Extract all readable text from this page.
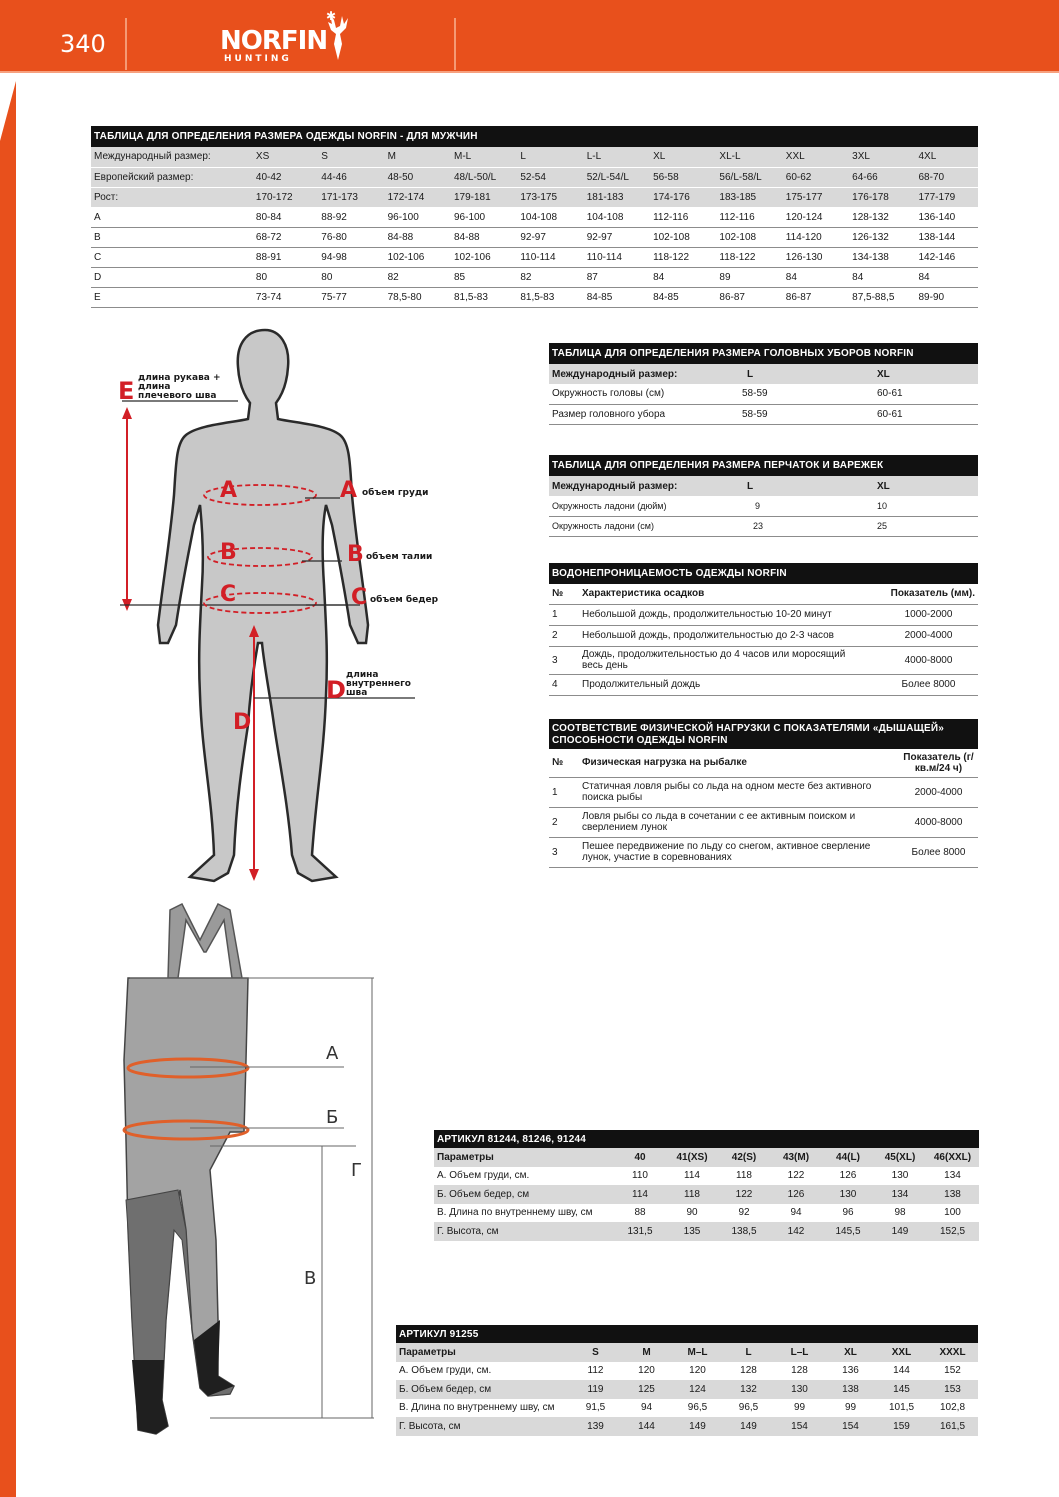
340	NORFIN
HUNTING
✱
ТАБЛИЦА ДЛЯ ОПРЕДЕЛЕНИЯ РАЗМЕРА ОДЕЖДЫ NORFIN - ДЛЯ МУЖЧИН											
Международный размер:	XS	S	M	M-L	L	L-L	XL	XL-L	XXL	3XL	4XL
Европейский размер:	40-42	44-46	48-50	48/L-50/L	52-54	52/L-54/L	56-58	56/L-58/L	60-62	64-66	68-70
Рост:	170-172	171-173	172-174	179-181	173-175	181-183	174-176	183-185	175-177	176-178	177-179
A	80-84	88-92	96-100	96-100	104-108	104-108	112-116	112-116	120-124	128-132	136-140
B	68-72	76-80	84-88	84-88	92-97	92-97	102-108	102-108	114-120	126-132	138-144
C	88-91	94-98	102-106	102-106	110-114	110-114	118-122	118-122	126-130	134-138	142-146
D	80	80	82	85	82	87	84	89	84	84	84
E	73-74	75-77	78,5-80	81,5-83	81,5-83	84-85	84-85	86-87	86-87	87,5-88,5	89-90
E длина рукава +
длина
плечевого шва
A	A объем груди
B	B объем талии
C	C объем бедер
D
длина
внутреннего
шва
D
ТАБЛИЦА ДЛЯ ОПРЕДЕЛЕНИЯ РАЗМЕРА ГОЛОВНЫХ УБОРОВ NORFIN		
Международный размер:	L	XL
Окружность головы (см)	58-59	60-61
Размер головного убора	58-59	60-61
ТАБЛИЦА ДЛЯ ОПРЕДЕЛЕНИЯ РАЗМЕРА ПЕРЧАТОК И ВАРЕЖЕК		
Международный размер:	L	XL
Окружность ладони (дюйм)	9	10
Окружность ладони (см)	23	25
ВОДОНЕПРОНИЦАЕМОСТЬ ОДЕЖДЫ NORFIN		
№	Характеристика осадков	Показатель (мм).
1	Небольшой дождь, продолжительностью 10-20 минут	1000-2000
2	Небольшой дождь, продолжительностью до 2-3 часов	2000-4000
3	Дождь, продолжительностью до 4 часов или моросящий весь день	4000-8000
4	Продолжительный дождь	Более 8000
СООТВЕТСТВИЕ ФИЗИЧЕСКОЙ НАГРУЗКИ С ПОКАЗАТЕЛЯМИ «ДЫШАЩЕЙ»
СПОСОБНОСТИ ОДЕЖДЫ NORFIN		

№	Физическая нагрузка на рыбалке	Показатель (г/кв.м/24 ч)
1	Статичная ловля рыбы со льда на одном месте без активного поиска рыбы	2000-4000
2	Ловля рыбы со льда в сочетании с ее активным поиском и сверлением лунок	4000-8000
3	Пешее передвижение по льду со снегом, активное сверление лунок, участие в соревнованиях	Более 8000
А
Б
Г
В
АРТИКУЛ 81244, 81246, 91244							
Параметры	40	41(XS)	42(S)	43(M)	44(L)	45(XL)	46(XXL)
А. Объем груди, см.	110	114	118	122	126	130	134
Б. Объем бедер, см	114	118	122	126	130	134	138
В. Длина по внутреннему шву, см	88	90	92	94	96	98	100
Г. Высота, см	131,5	135	138,5	142	145,5	149	152,5
АРТИКУЛ 91255								
Параметры	S	M	M–L	L	L–L	XL	XXL	XXXL
А. Объем груди, см.	112	120	120	128	128	136	144	152
Б. Объем бедер, см	119	125	124	132	130	138	145	153
В. Длина по внутреннему шву, см	91,5	94	96,5	96,5	99	99	101,5	102,8
Г. Высота, см	139	144	149	149	154	154	159	161,5
